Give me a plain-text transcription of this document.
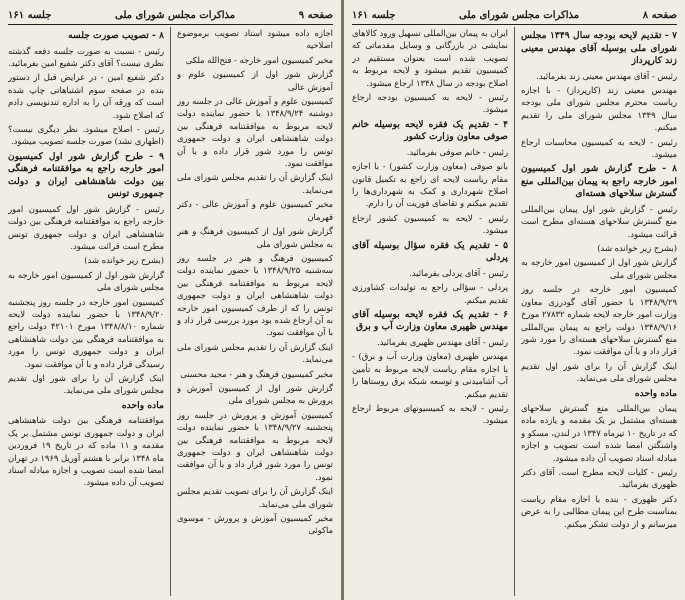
صفحه ۹
مذاکرات مجلس شورای ملی
جلسه ۱۶۱

اجازه داده میشود استاد تصویب برموضوع اصلاحیه

مخبر کمیسیون امور خارجه - فتح‌الله ملکی

گزارش شور اول از کمیسیون علوم و آموزش عالی

کمیسیون علوم و آموزش عالی در جلسه روز دوشنبه ۱۳۴۸/۹/۲۴ با حضور نماینده دولت لایحه مربوط به موافقتنامه فرهنگی بین دولت شاهنشاهی ایران و دولت جمهوری تونس را مورد شور قرار داده و با آن موافقت نمود.

اینک گزارش آن را تقدیم مجلس شورای ملی می‌نماید.

مخبر کمیسیون علوم و آموزش عالی - دکتر قهرمان

گزارش شور اول از کمیسیون فرهنگ و هنر به مجلس شورای ملی

کمیسیون فرهنگ و هنر در جلسه روز سه‌شنبه ۱۳۴۸/۹/۲۵ با حضور نماینده دولت لایحه مربوط به موافقتنامه فرهنگی بین دولت شاهنشاهی ایران و دولت جمهوری تونس را که از طرف کمیسیون امور خارجه به آن ارجاع شده بود مورد بررسی قرار داد و با آن موافقت نمود.

اینک گزارش آن را تقدیم مجلس شورای ملی می‌نماید.

مخبر کمیسیون فرهنگ و هنر - مجید محسنی

گزارش شور اول از کمیسیون آموزش و پرورش به مجلس شورای ملی

کمیسیون آموزش و پرورش در جلسه روز پنجشنبه ۱۳۴۸/۹/۲۷ با حضور نماینده دولت لایحه مربوط به موافقتنامه فرهنگی بین دولت شاهنشاهی ایران و دولت جمهوری تونس را مورد شور قرار داد و با آن موافقت نمود.

اینک گزارش آن را برای تصویب تقدیم مجلس شورای ملی می‌نماید.

مخبر کمیسیون آموزش و پرورش - موسوی ماکوئی

۸ - تصویب صورت جلسه

رئیس - نسبت به صورت جلسه دفعه گذشته نظری نیست؟ آقای دکتر شفیع امین بفرمائید.

دکتر شفیع امین - در عرایض قبل از دستور بنده در صفحه سوم اشتباهاتی چاپ شده است که ورقه آن را به اداره تندنویسی دادم که اصلاح شود.

رئیس - اصلاح میشود. نظر دیگری نیست؟ (اظهاری نشد) صورت جلسه تصویب میشود.

۹ - طرح گزارش شور اول کمیسیون امور خارجه راجع به موافقتنامه فرهنگی بین دولت شاهنشاهی ایران و دولت جمهوری تونس

رئیس - گزارش شور اول کمیسیون امور خارجه راجع به موافقتنامه فرهنگی بین دولت شاهنشاهی ایران و دولت جمهوری تونس مطرح است قرائت میشود.

(بشرح زیر خوانده شد)

گزارش شور اول از کمیسیون امور خارجه به مجلس شورای ملی

کمیسیون امور خارجه در جلسه روز پنجشنبه ۱۳۴۸/۹/۲۰ با حضور نماینده دولت لایحه شماره ۱۳۴۸/۸/۱۰ مورخ ۴۲۱۰۱ دولت راجع به موافقتنامه فرهنگی بین دولت شاهنشاهی ایران و دولت جمهوری تونس را مورد رسیدگی قرار داده و با آن موافقت نمود.

اینک گزارش آن را برای شور اول تقدیم مجلس شورای ملی می‌نماید.

ماده واحده

موافقتنامه فرهنگی بین دولت شاهنشاهی ایران و دولت جمهوری تونس مشتمل بر یک مقدمه و ۱۱ ماده که در تاریخ ۱۹ فروردین ماه ۱۳۴۸ برابر با هشتم آوریل ۱۹۶۹ در تهران امضا شده است تصویب و اجازه مبادله اسناد تصویب آن داده میشود.

صفحه ۸
مذاکرات مجلس شورای ملی
جلسه ۱۶۱
۷ - تقدیم لایحه بودجه سال ۱۳۴۹ مجلس شورای ملی بوسیله آقای مهندس معینی زند کارپرداز

رئیس - آقای مهندس معینی زند بفرمائید.

مهندس معینی زند (کارپرداز) - با اجازه ریاست محترم مجلس شورای ملی بودجه سال ۱۳۴۹ مجلس شورای ملی را تقدیم میکنم.

رئیس - لایحه به کمیسیون محاسبات ارجاع میشود.

۸ - طرح گزارش شور اول کمیسیون امور خارجه راجع به پیمان بین‌المللی منع گسترش سلاحهای هسته‌ای

رئیس - گزارش شور اول پیمان بین‌المللی منع گسترش سلاحهای هسته‌ای مطرح است قرائت میشود.

(بشرح زیر خوانده شد)

گزارش شور اول از کمیسیون امور خارجه به مجلس شورای ملی

کمیسیون امور خارجه در جلسه روز ۱۳۴۸/۹/۲۹ با حضور آقای گودرزی معاون وزارت امور خارجه لایحه شماره ۲۷۸۳۲ مورخ ۱۳۴۸/۹/۱۶ دولت راجع به پیمان بین‌المللی منع گسترش سلاحهای هسته‌ای را مورد شور قرار داد و با آن موافقت نمود.

اینک گزارش آن را برای شور اول تقدیم مجلس شورای ملی می‌نماید.

ماده واحده

پیمان بین‌المللی منع گسترش سلاحهای هسته‌ای مشتمل بر یک مقدمه و یازده ماده که در تاریخ ۱۰ تیرماه ۱۳۴۷ در لندن، مسکو و واشنگتن امضا شده است تصویب و اجازه مبادله اسناد تصویب آن داده میشود.

رئیس - کلیات لایحه مطرح است. آقای دکتر ظهوری بفرمائید.

دکتر ظهوری - بنده با اجازه مقام ریاست بمناسبت طرح این پیمان مطالبی را به عرض میرسانم و از دولت تشکر میکنم.

ایران به پیمان بین‌المللی تسهیل ورود کالاهای نمایشی در بازرگانی و وسایل مقدماتی که تصویب شده است بعنوان مستقیم در کمیسیون تقدیم میشود و لایحه مربوط به اصلاح بودجه در سال ۱۳۴۸ ارجاع میشود.

رئیس - لایحه به کمیسیون بودجه ارجاع میشود.

۴ - تقدیم یک فقره لایحه بوسیله خانم صوفی معاون وزارت کشور

رئیس - خانم صوفی بفرمائید.

بانو صوفی (معاون وزارت کشور) - با اجازه مقام ریاست لایحه ای راجع به تکمیل قانون اصلاح شهرداری و کمک به شهرداری‌ها را تقدیم میکنم و تقاضای فوریت آن را دارم.

رئیس - لایحه به کمیسیون کشور ارجاع میشود.

۵ - تقدیم یک فقره سؤال بوسیله آقای پردلی

رئیس - آقای پردلی بفرمائید.

پردلی - سؤالی راجع به تولیدات کشاورزی تقدیم میکنم.

۶ - تقدیم یک فقره لایحه بوسیله آقای مهندس ظهیری معاون وزارت آب و برق

رئیس - آقای مهندس ظهیری بفرمائید.

مهندس ظهیری (معاون وزارت آب و برق) - با اجازه مقام ریاست لایحه مربوط به تأمین آب آشامیدنی و توسعه شبکه برق روستاها را تقدیم میکنم.

رئیس - لایحه به کمیسیونهای مربوط ارجاع میشود.
